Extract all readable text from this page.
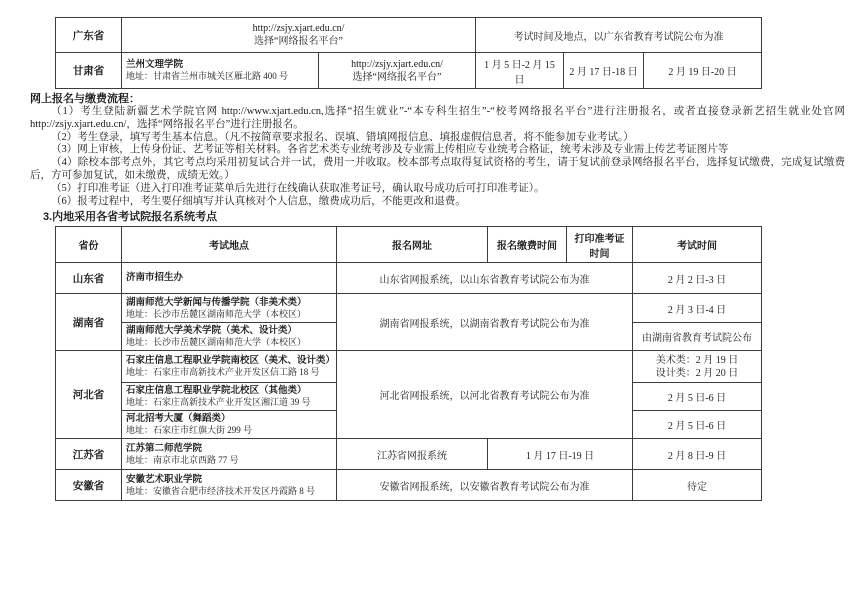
广东省	http://zsjy.xjart.edu.cn/
选择“网络报名平台”		考试时间及地点，以广东省教育考试院公布为准		
甘肃省	兰州文理学院
地址：甘肃省兰州市城关区雁北路 400 号	http://zsjy.xjart.edu.cn/
选择“网络报名平台”	1 月 5 日-2 月 15 日	2 月 17 日-18 日	2 月 19 日-20 日
网上报名与缴费流程：
（1）考生登陆新疆艺术学院官网 http://www.xjart.edu.cn,选择“招生就业”-“本专科生招生”-“校考网络报名平台”进行注册报名，或者直接登录新艺招生就业处官网 http://zsjy.xjart.edu.cn/，选择“网络报名平台”进行注册报名。
（2）考生登录，填写考生基本信息。（凡不按简章要求报名、误填、错填网报信息、填报虚假信息者，将不能参加专业考试。）
（3）网上审核，上传身份证、艺考证等相关材料。各省艺术类专业统考涉及专业需上传相应专业统考合格证，统考未涉及专业需上传艺考证图片等
（4）除校本部考点外，其它考点均采用初复试合并一试，费用一并收取。校本部考点取得复试资格的考生，请于复试前登录网络报名平台，选择复试缴费，完成复试缴费后，方可参加复试，如未缴费，成绩无效。）
（5）打印准考证（进入打印准考证菜单后先进行在线确认获取准考证号，确认取号成功后可打印准考证）。
（6）报考过程中，考生要仔细填写并认真核对个人信息，缴费成功后，不能更改和退费。
3.内地采用各省考试院报名系统考点
省份	考试地点	报名网址	报名缴费时间	打印准考证时间	考试时间
山东省	济南市招生办	山东省网报系统，以山东省教育考试院公布为准			2 月 2 日-3 日
湖南省	湖南师范大学新闻与传播学院（非美术类）
地址：长沙市岳麓区湖南师范大学（本校区）	湖南省网报系统，以湖南省教育考试院公布为准			2 月 3 日-4 日

	湖南师范大学美术学院（美术、设计类）
地址：长沙市岳麓区湖南师范大学（本校区）				由湖南省教育考试院公布
河北省	石家庄信息工程职业学院南校区（美术、设计类）
地址：石家庄市高新技术产业开发区信工路 18 号	河北省网报系统，以河北省教育考试院公布为准			美术类：2 月 19 日
设计类：2 月 20 日

	石家庄信息工程职业学院北校区（其他类）
地址：石家庄高新技术产业开发区湘江道 39 号				2 月 5 日-6 日

	河北招考大厦（舞蹈类）
地址：石家庄市红旗大街 299 号				2 月 5 日-6 日
江苏省	江苏第二师范学院
地址：南京市北京西路 77 号	江苏省网报系统	1 月 17 日-19 日		2 月 8 日-9 日
安徽省	安徽艺术职业学院
地址：安徽省合肥市经济技术开发区丹霞路 8 号	安徽省网报系统，以安徽省教育考试院公布为准			待定
